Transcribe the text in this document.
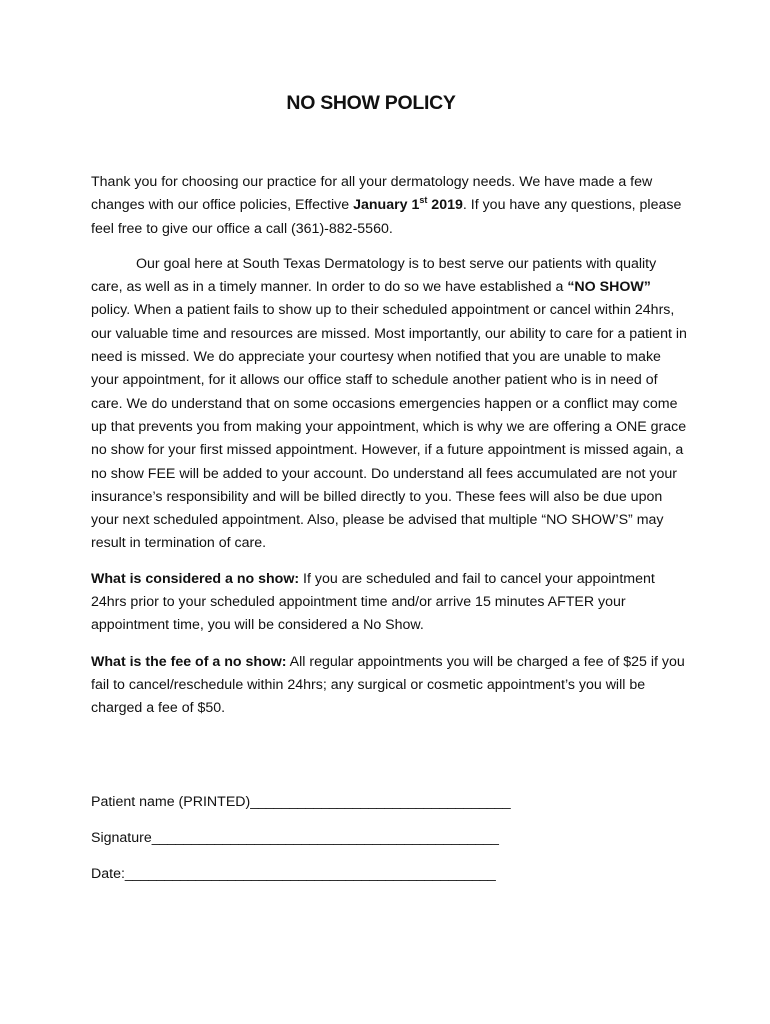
NO SHOW POLICY

Thank you for choosing our practice for all your dermatology needs. We have made a few changes with our office policies, Effective January 1st 2019. If you have any questions, please feel free to give our office a call (361)-882-5560.

Our goal here at South Texas Dermatology is to best serve our patients with quality care, as well as in a timely manner. In order to do so we have established a “NO SHOW” policy. When a patient fails to show up to their scheduled appointment or cancel within 24hrs, our valuable time and resources are missed. Most importantly, our ability to care for a patient in need is missed. We do appreciate your courtesy when notified that you are unable to make your appointment, for it allows our office staff to schedule another patient who is in need of care. We do understand that on some occasions emergencies happen or a conflict may come up that prevents you from making your appointment, which is why we are offering a ONE grace no show for your first missed appointment. However, if a future appointment is missed again, a no show FEE will be added to your account. Do understand all fees accumulated are not your insurance’s responsibility and will be billed directly to you. These fees will also be due upon your next scheduled appointment. Also, please be advised that multiple “NO SHOW’S” may result in termination of care.

What is considered a no show: If you are scheduled and fail to cancel your appointment 24hrs prior to your scheduled appointment time and/or arrive 15 minutes AFTER your appointment time, you will be considered a No Show.

What is the fee of a no show: All regular appointments you will be charged a fee of $25 if you fail to cancel/reschedule within 24hrs; any surgical or cosmetic appointment’s you will be charged a fee of $50.

Patient name (PRINTED)_________________________________
Signature____________________________________________
Date:_______________________________________________
